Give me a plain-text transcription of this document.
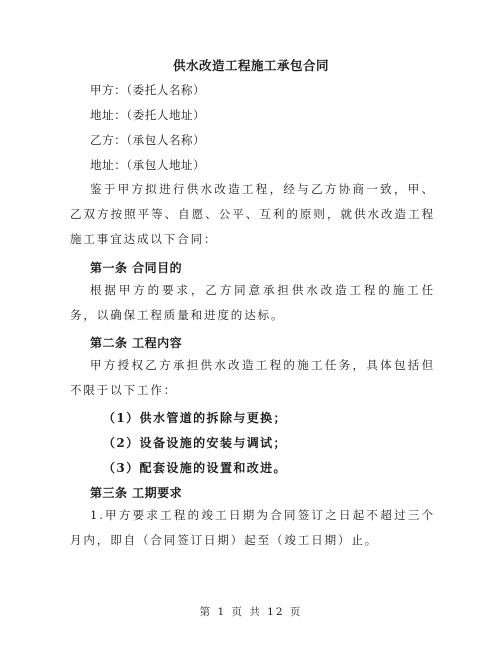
供水改造工程施工承包合同
甲方：（委托人名称）
地址：（委托人地址）
乙方：（承包人名称）
地址：（承包人地址）
鉴于甲方拟进行供水改造工程，经与乙方协商一致，甲、乙双方按照平等、自愿、公平、互利的原则，就供水改造工程施工事宜达成以下合同：
第一条 合同目的
根据甲方的要求，乙方同意承担供水改造工程的施工任务，以确保工程质量和进度的达标。
第二条 工程内容
甲方授权乙方承担供水改造工程的施工任务，具体包括但不限于以下工作：
（1）供水管道的拆除与更换；
（2）设备设施的安装与调试；
（3）配套设施的设置和改进。
第三条 工期要求
1.甲方要求工程的竣工日期为合同签订之日起不超过三个月内，即自（合同签订日期）起至（竣工日期）止。
第 1 页 共 12 页
